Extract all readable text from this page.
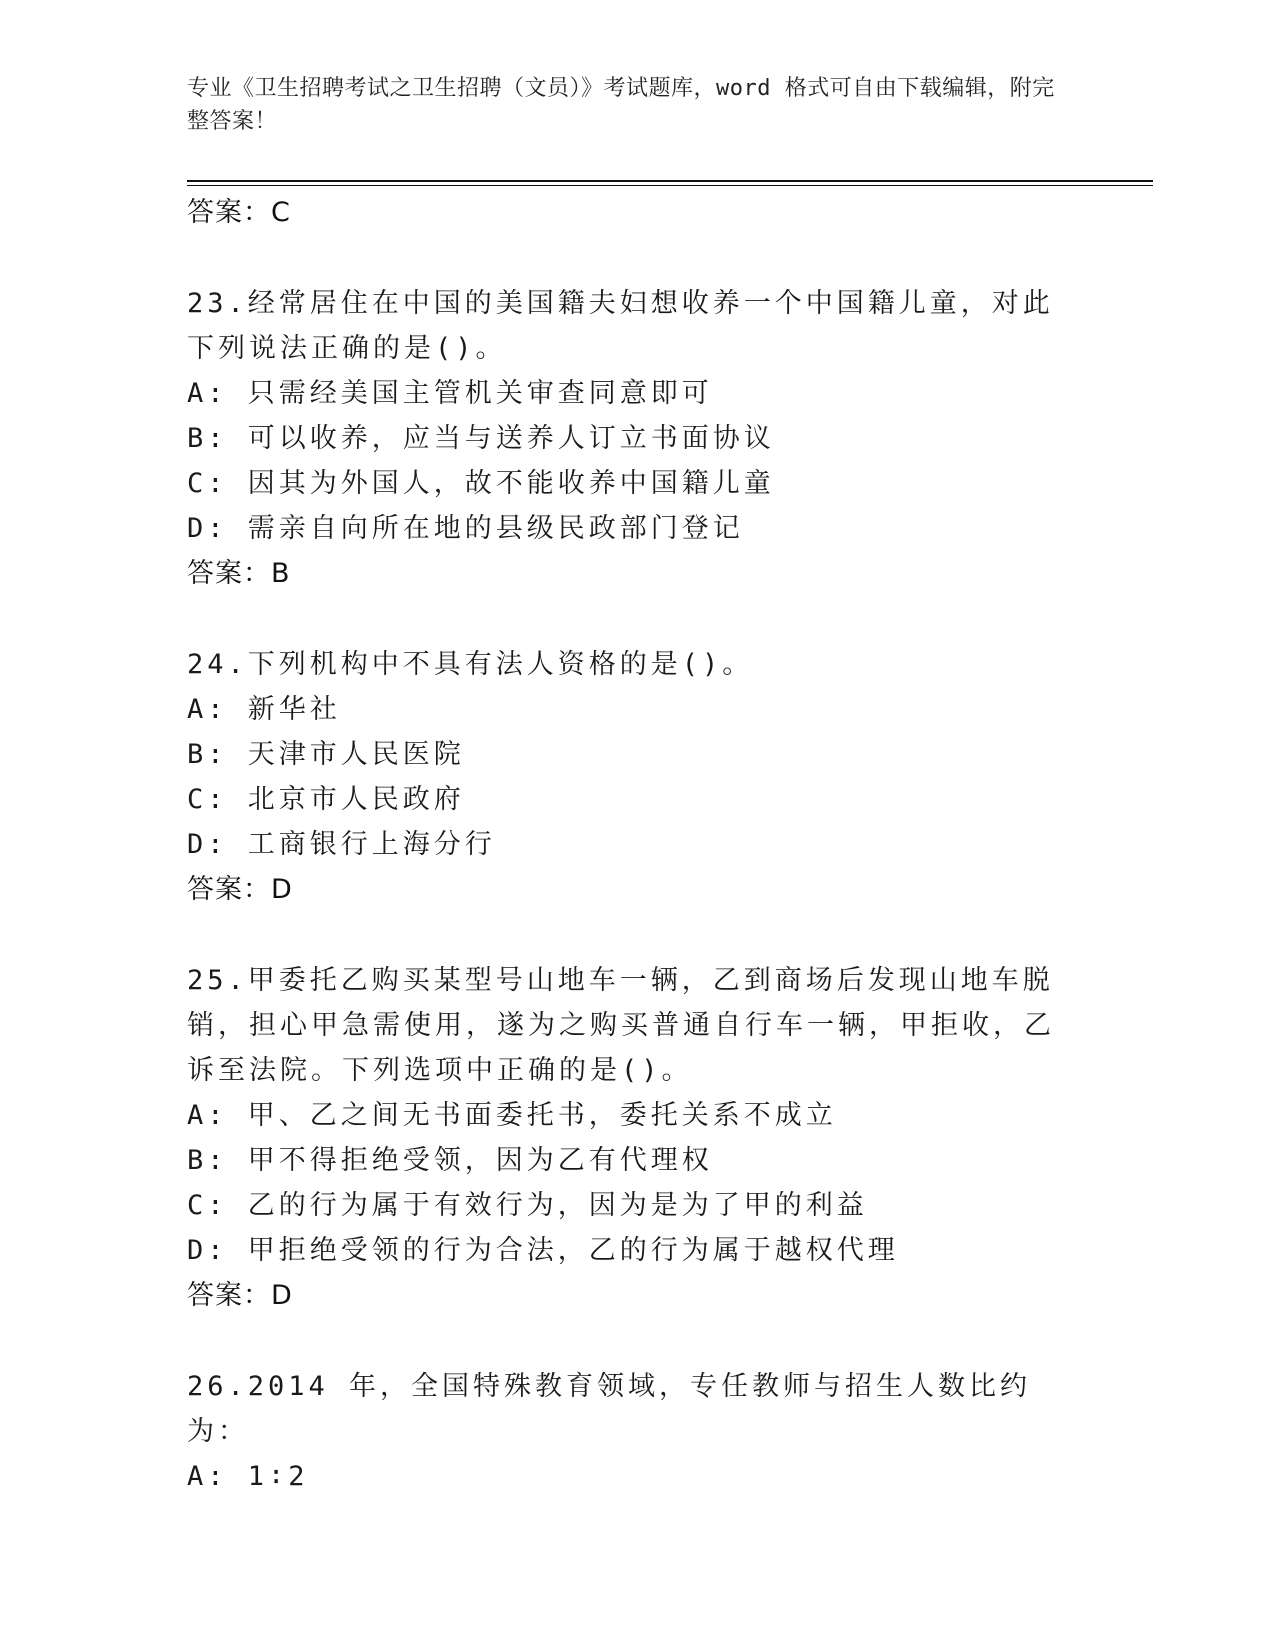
专业《卫生招聘考试之卫生招聘（文员）》考试题库，word 格式可自由下载编辑，附完整答案！
答案：C
23.经常居住在中国的美国籍夫妇想收养一个中国籍儿童，对此下列说法正确的是()。
A: 只需经美国主管机关审查同意即可
B: 可以收养，应当与送养人订立书面协议
C: 因其为外国人，故不能收养中国籍儿童
D: 需亲自向所在地的县级民政部门登记
答案：B
24.下列机构中不具有法人资格的是()。
A: 新华社
B: 天津市人民医院
C: 北京市人民政府
D: 工商银行上海分行
答案：D
25.甲委托乙购买某型号山地车一辆，乙到商场后发现山地车脱销，担心甲急需使用，遂为之购买普通自行车一辆，甲拒收，乙诉至法院。下列选项中正确的是()。
A: 甲、乙之间无书面委托书，委托关系不成立
B: 甲不得拒绝受领，因为乙有代理权
C: 乙的行为属于有效行为，因为是为了甲的利益
D: 甲拒绝受领的行为合法，乙的行为属于越权代理
答案：D
26.2014 年，全国特殊教育领域，专任教师与招生人数比约为：
A: 1∶2
